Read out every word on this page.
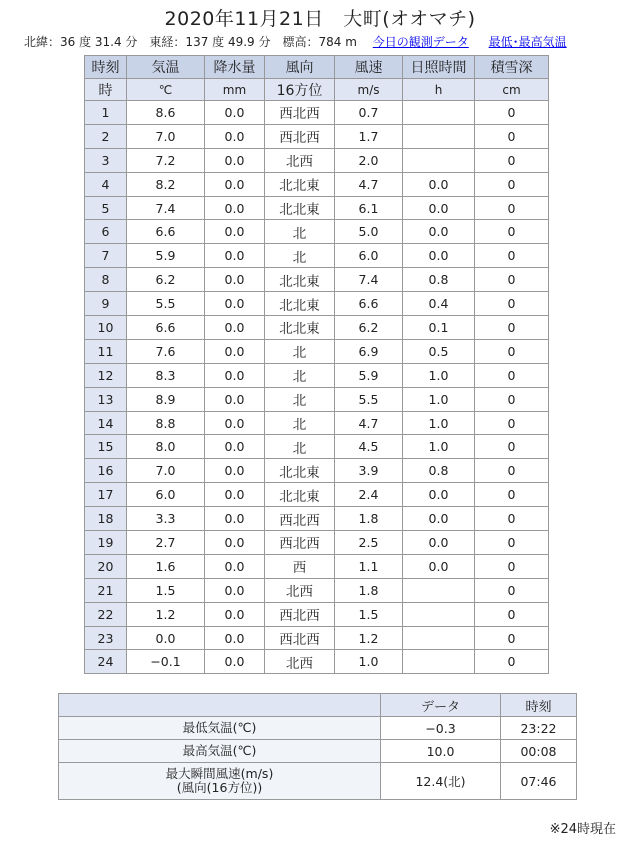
2020年11月21日　大町(オオマチ)
北緯：36 度 31.4 分　東経：137 度 49.9 分　標高：784 m 今日の観測データ 最低･最高気温
時刻	気温	降水量	風向	風速	日照時間	積雪深
時	℃	mm	16方位	m/s	h	cm
1	8.6	0.0	西北西	0.7		0
2	7.0	0.0	西北西	1.7		0
3	7.2	0.0	北西	2.0		0
4	8.2	0.0	北北東	4.7	0.0	0
5	7.4	0.0	北北東	6.1	0.0	0
6	6.6	0.0	北	5.0	0.0	0
7	5.9	0.0	北	6.0	0.0	0
8	6.2	0.0	北北東	7.4	0.8	0
9	5.5	0.0	北北東	6.6	0.4	0
10	6.6	0.0	北北東	6.2	0.1	0
11	7.6	0.0	北	6.9	0.5	0
12	8.3	0.0	北	5.9	1.0	0
13	8.9	0.0	北	5.5	1.0	0
14	8.8	0.0	北	4.7	1.0	0
15	8.0	0.0	北	4.5	1.0	0
16	7.0	0.0	北北東	3.9	0.8	0
17	6.0	0.0	北北東	2.4	0.0	0
18	3.3	0.0	西北西	1.8	0.0	0
19	2.7	0.0	西北西	2.5	0.0	0
20	1.6	0.0	西	1.1	0.0	0
21	1.5	0.0	北西	1.8		0
22	1.2	0.0	西北西	1.5		0
23	0.0	0.0	西北西	1.2		0
24	−0.1	0.0	北西	1.0		0
	データ	時刻
最低気温(℃)	−0.3	23:22
最高気温(℃)	10.0	00:08

最大瞬間風速(m/s)
(風向(16方位))	12.4(北)	07:46
※24時現在
